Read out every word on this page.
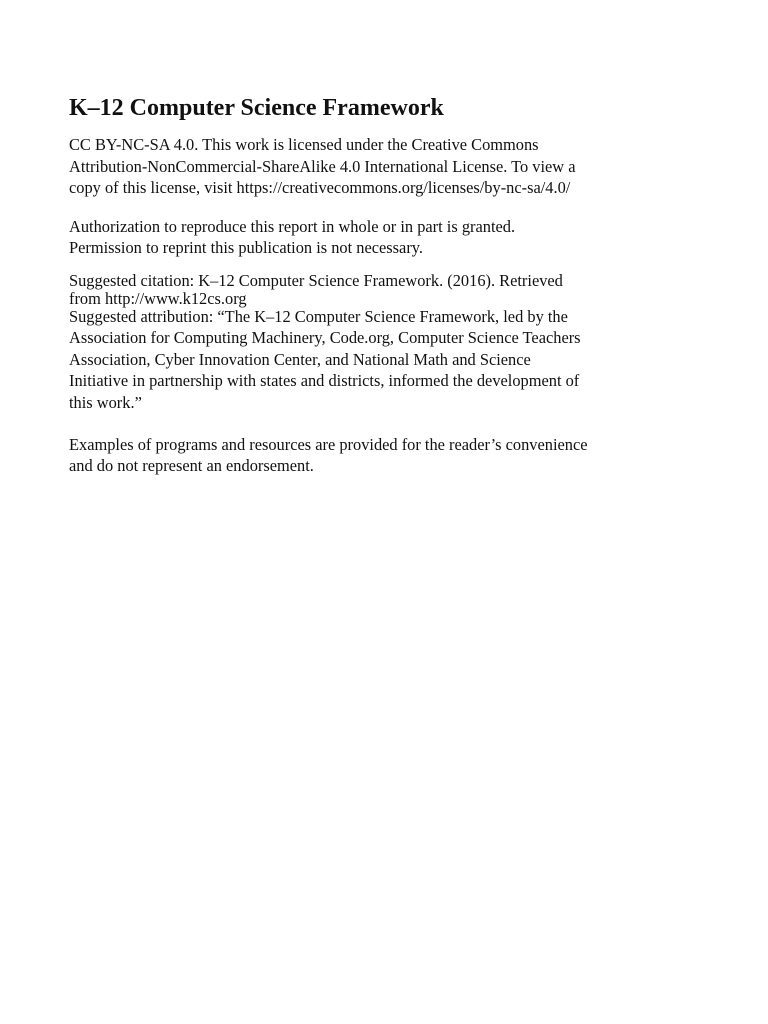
K–12 Computer Science Framework

CC BY-NC-SA 4.0. This work is licensed under the Creative Commons
Attribution-NonCommercial-ShareAlike 4.0 International License. To view a
copy of this license, visit https://creativecommons.org/licenses/by-nc-sa/4.0/

Authorization to reproduce this report in whole or in part is granted.
Permission to reprint this publication is not necessary.

Suggested citation: K–12 Computer Science Framework. (2016). Retrieved

from http://www.k12cs.org

Suggested attribution: “The K–12 Computer Science Framework, led by the
Association for Computing Machinery, Code.org, Computer Science Teachers
Association, Cyber Innovation Center, and National Math and Science
Initiative in partnership with states and districts, informed the development of
this work.”

Examples of programs and resources are provided for the reader’s convenience
and do not represent an endorsement.
